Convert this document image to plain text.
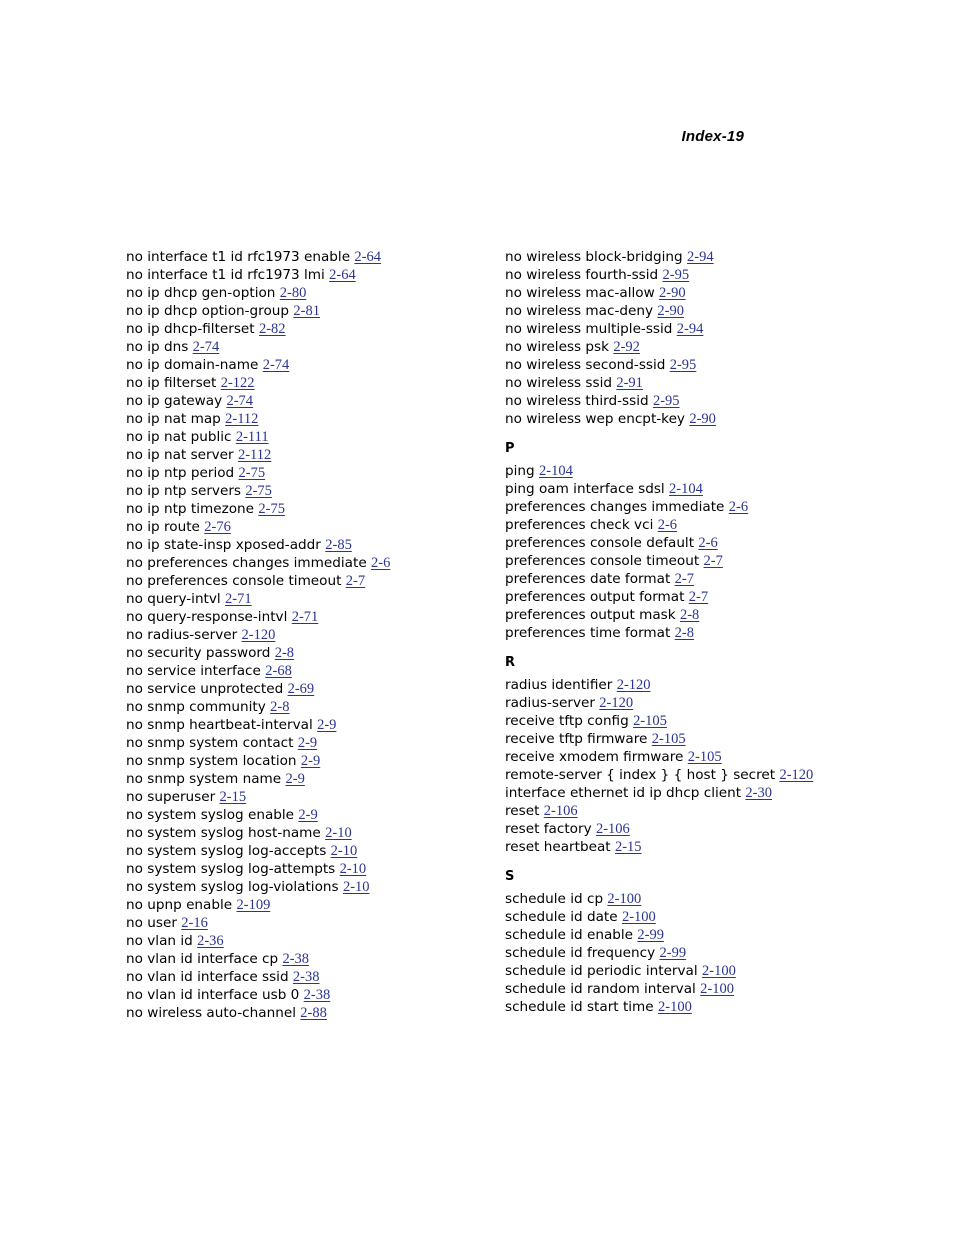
Index-19
no interface t1 id rfc1973 enable 2-64
no interface t1 id rfc1973 lmi 2-64
no ip dhcp gen-option 2-80
no ip dhcp option-group 2-81
no ip dhcp-filterset 2-82
no ip dns 2-74
no ip domain-name 2-74
no ip filterset 2-122
no ip gateway 2-74
no ip nat map 2-112
no ip nat public 2-111
no ip nat server 2-112
no ip ntp period 2-75
no ip ntp servers 2-75
no ip ntp timezone 2-75
no ip route 2-76
no ip state-insp xposed-addr 2-85
no preferences changes immediate 2-6
no preferences console timeout 2-7
no query-intvl 2-71
no query-response-intvl 2-71
no radius-server 2-120
no security password 2-8
no service interface 2-68
no service unprotected 2-69
no snmp community 2-8
no snmp heartbeat-interval 2-9
no snmp system contact 2-9
no snmp system location 2-9
no snmp system name 2-9
no superuser 2-15
no system syslog enable 2-9
no system syslog host-name 2-10
no system syslog log-accepts 2-10
no system syslog log-attempts 2-10
no system syslog log-violations 2-10
no upnp enable 2-109
no user 2-16
no vlan id 2-36
no vlan id interface cp 2-38
no vlan id interface ssid 2-38
no vlan id interface usb 0 2-38
no wireless auto-channel 2-88
no wireless block-bridging 2-94
no wireless fourth-ssid 2-95
no wireless mac-allow 2-90
no wireless mac-deny 2-90
no wireless multiple-ssid 2-94
no wireless psk 2-92
no wireless second-ssid 2-95
no wireless ssid 2-91
no wireless third-ssid 2-95
no wireless wep encpt-key 2-90
P
ping 2-104
ping oam interface sdsl 2-104
preferences changes immediate 2-6
preferences check vci 2-6
preferences console default 2-6
preferences console timeout 2-7
preferences date format 2-7
preferences output format 2-7
preferences output mask 2-8
preferences time format 2-8
R
radius identifier 2-120
radius-server 2-120
receive tftp config 2-105
receive tftp firmware 2-105
receive xmodem firmware 2-105
remote-server { index } { host } secret 2-120
interface ethernet id ip dhcp client 2-30
reset 2-106
reset factory 2-106
reset heartbeat 2-15
S
schedule id cp 2-100
schedule id date 2-100
schedule id enable 2-99
schedule id frequency 2-99
schedule id periodic interval 2-100
schedule id random interval 2-100
schedule id start time 2-100
